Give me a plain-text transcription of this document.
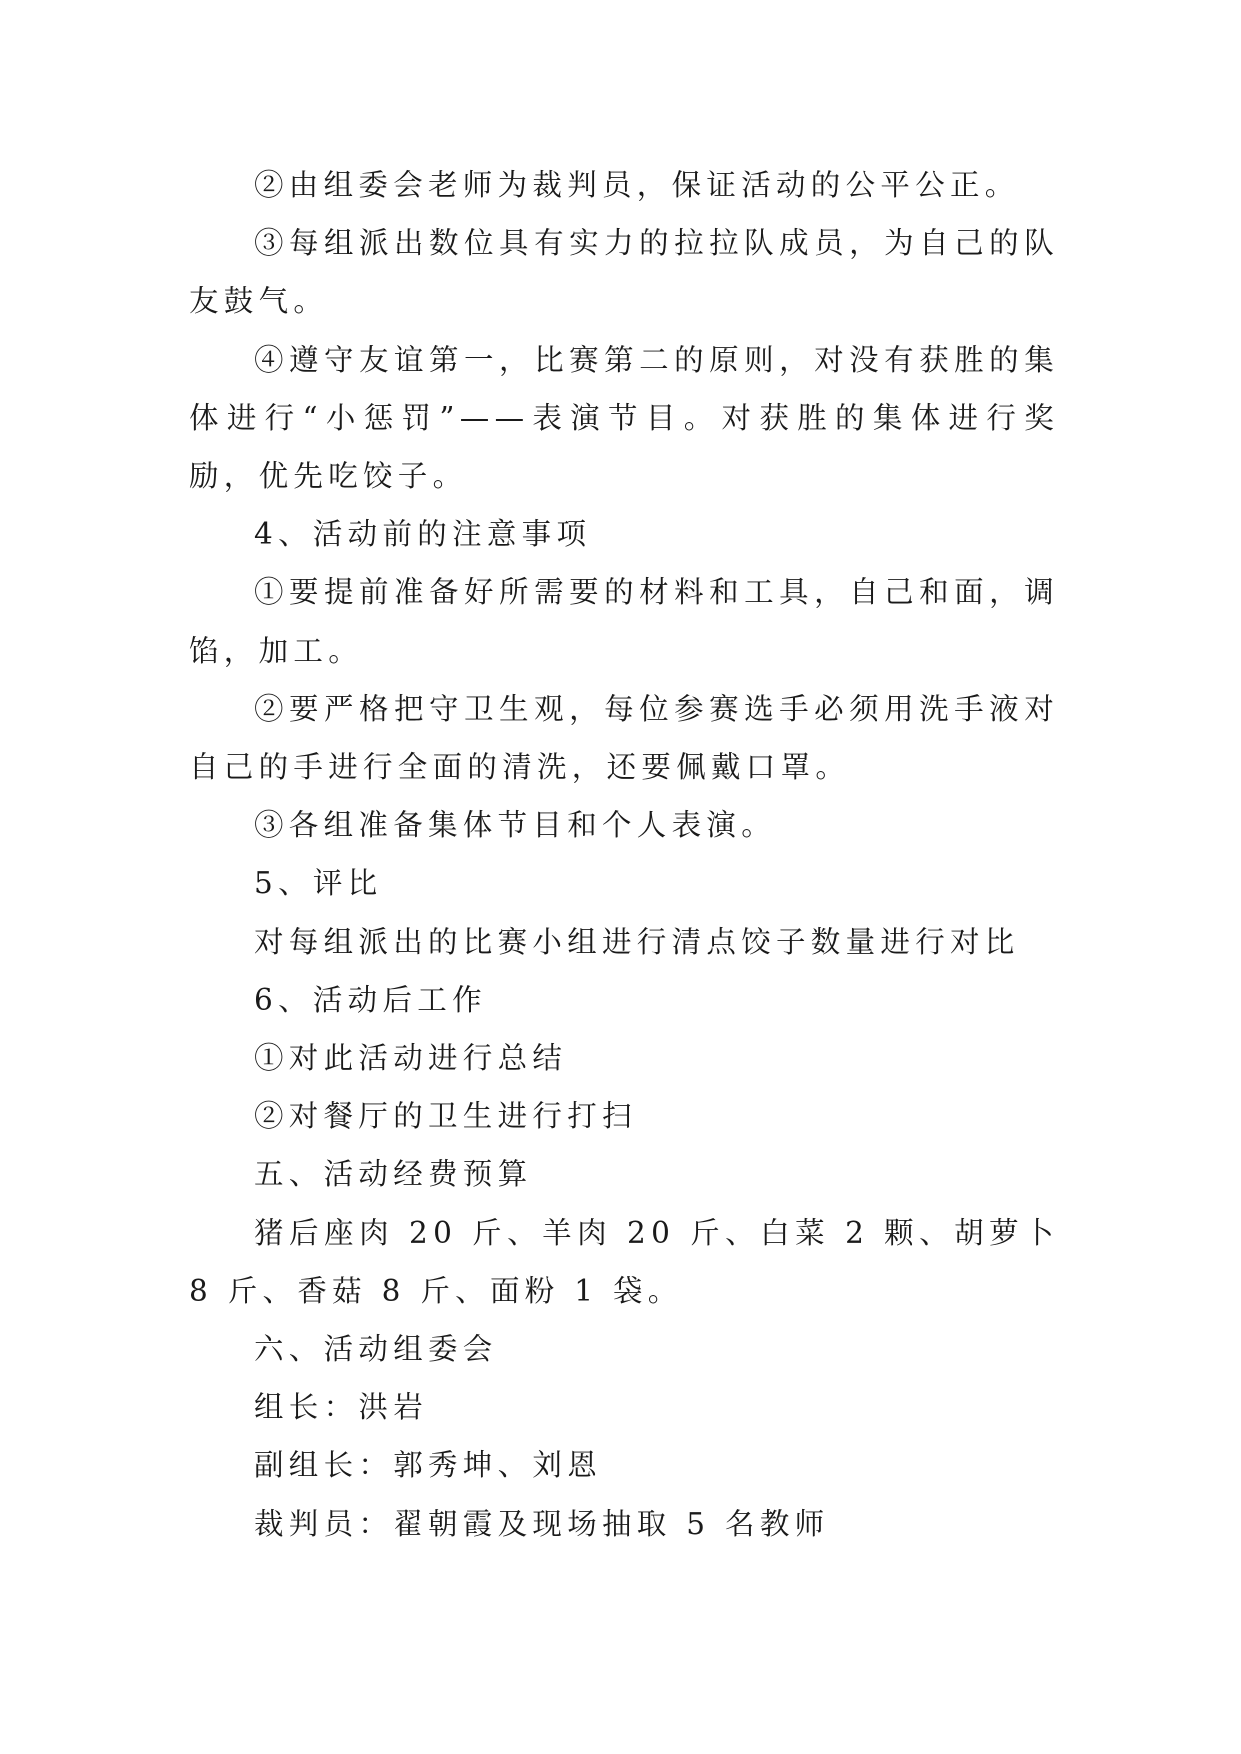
②由组委会老师为裁判员，保证活动的公平公正。

③每组派出数位具有实力的拉拉队成员，为自己的队友鼓气。

④遵守友谊第一，比赛第二的原则，对没有获胜的集体进行“小惩罚”——表演节目。对获胜的集体进行奖励，优先吃饺子。

4、活动前的注意事项

①要提前准备好所需要的材料和工具，自己和面，调馅，加工。

②要严格把守卫生观，每位参赛选手必须用洗手液对自己的手进行全面的清洗，还要佩戴口罩。

③各组准备集体节目和个人表演。

5、评比

对每组派出的比赛小组进行清点饺子数量进行对比

6、活动后工作

①对此活动进行总结

②对餐厅的卫生进行打扫

五、活动经费预算

猪后座肉 20 斤、羊肉 20 斤、白菜 2 颗、胡萝卜 8 斤、香菇 8 斤、面粉 1 袋。

六、活动组委会

组长：洪岩

副组长：郭秀坤、刘恩

裁判员：翟朝霞及现场抽取 5 名教师
